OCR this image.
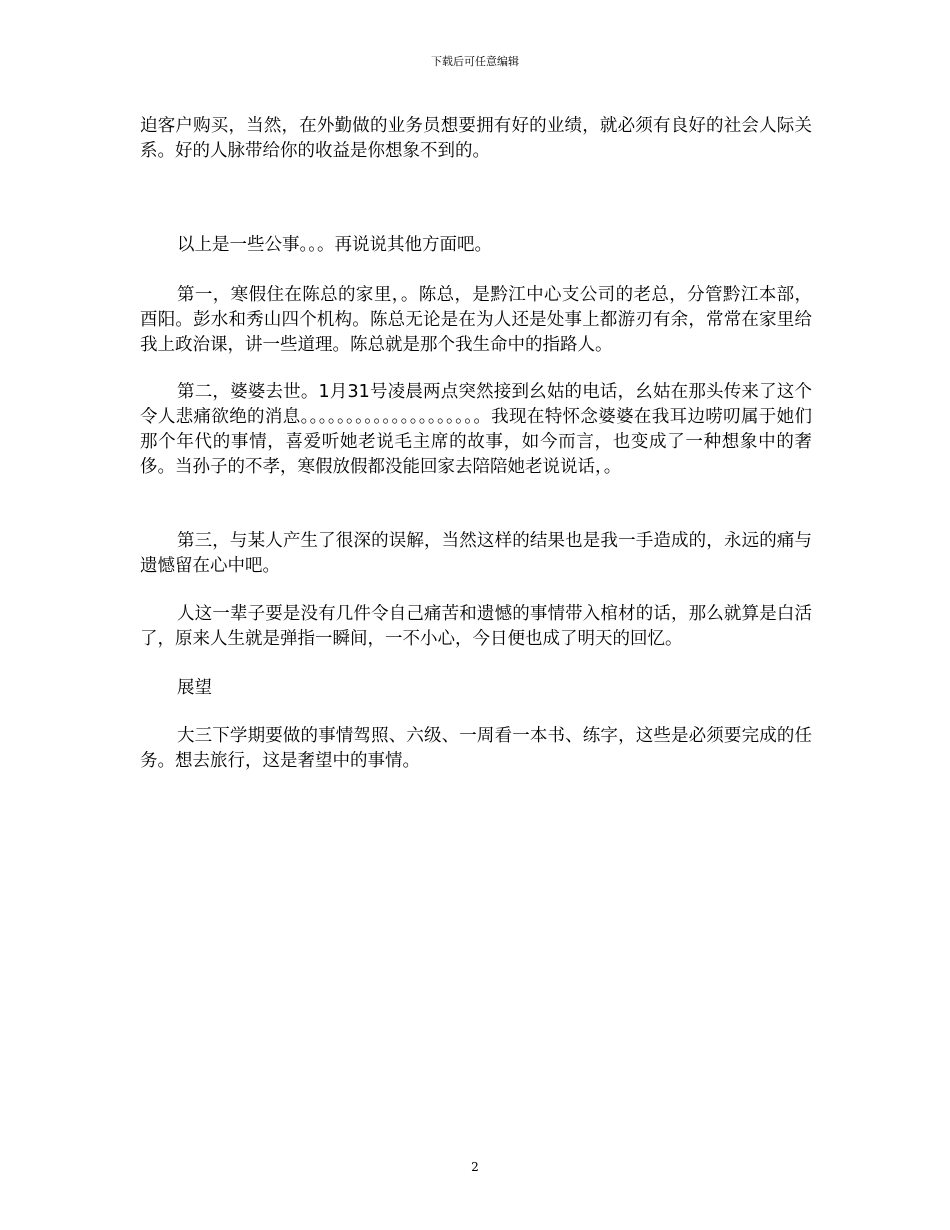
下载后可任意编辑

迫客户购买，当然，在外勤做的业务员想要拥有好的业绩，就必须有良好的社会人际关系。好的人脉带给你的收益是你想象不到的。

以上是一些公事。。。再说说其他方面吧。

第一，寒假住在陈总的家里，。陈总，是黔江中心支公司的老总，分管黔江本部，酉阳。彭水和秀山四个机构。陈总无论是在为人还是处事上都游刃有余，常常在家里给我上政治课，讲一些道理。陈总就是那个我生命中的指路人。

第二，婆婆去世。1月31号凌晨两点突然接到幺姑的电话，幺姑在那头传来了这个令人悲痛欲绝的消息。。。。。。。。。。。。。。。。。。。。我现在特怀念婆婆在我耳边唠叨属于她们那个年代的事情，喜爱听她老说毛主席的故事，如今而言，也变成了一种想象中的奢侈。当孙子的不孝，寒假放假都没能回家去陪陪她老说说话，。

第三，与某人产生了很深的误解，当然这样的结果也是我一手造成的，永远的痛与遗憾留在心中吧。

人这一辈子要是没有几件令自己痛苦和遗憾的事情带入棺材的话，那么就算是白活了，原来人生就是弹指一瞬间，一不小心，今日便也成了明天的回忆。

展望

大三下学期要做的事情驾照、六级、一周看一本书、练字，这些是必须要完成的任务。想去旅行，这是奢望中的事情。

2
